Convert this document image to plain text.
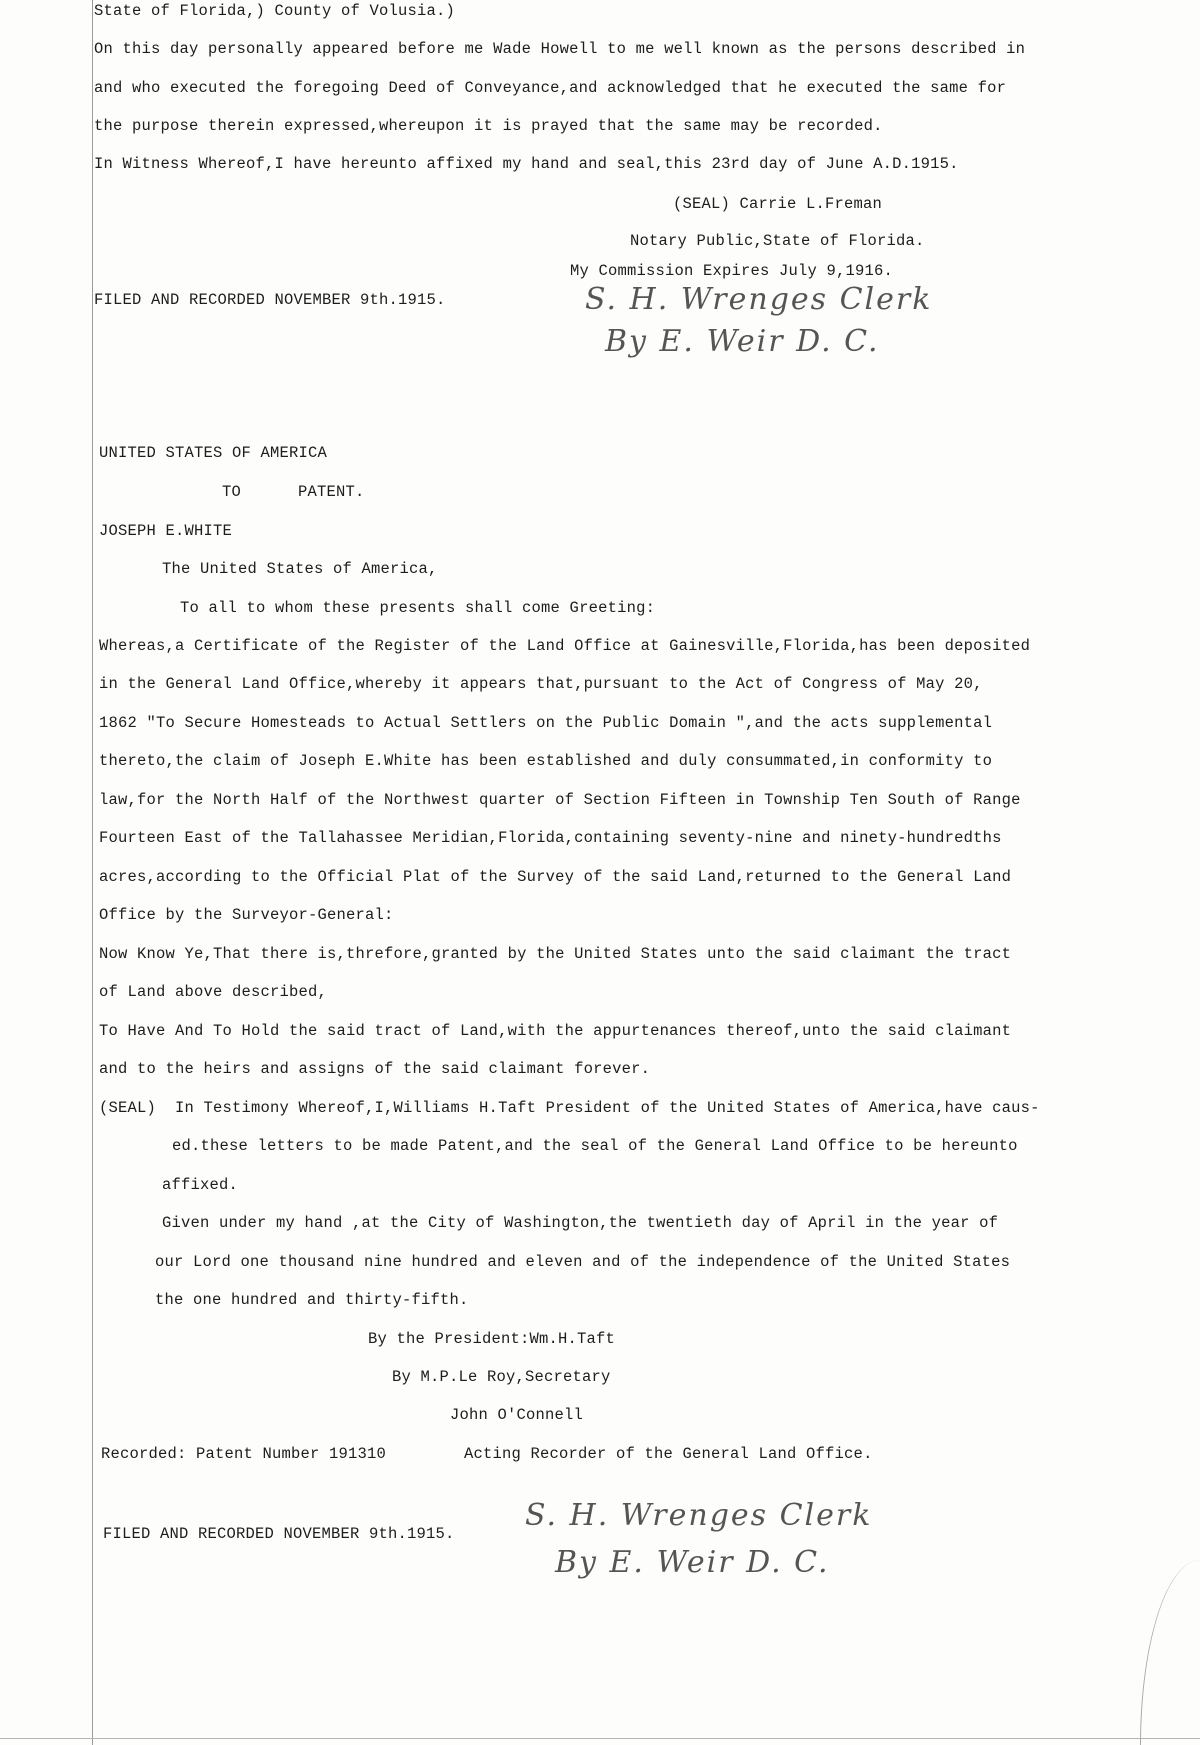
State of Florida,) County of Volusia.)
On this day personally appeared before me Wade Howell to me well known as the persons described in
and who executed the foregoing Deed of Conveyance,and acknowledged that he executed the same for
the purpose therein expressed,whereupon it is prayed that the same may be recorded.
In Witness Whereof,I have hereunto affixed my hand and seal,this 23rd day of June A.D.1915.
(SEAL) Carrie L.Freman
Notary Public,State of Florida.
My Commission Expires July 9,1916.
FILED AND RECORDED NOVEMBER 9th.1915.	S. H. Wrenges Clerk
By E. Weir D. C.
UNITED STATES OF AMERICA
TO      PATENT.
JOSEPH E.WHITE
The United States of America,
To all to whom these presents shall come Greeting:
Whereas,a Certificate of the Register of the Land Office at Gainesville,Florida,has been deposited
in the General Land Office,whereby it appears that,pursuant to the Act of Congress of May 20,
1862 "To Secure Homesteads to Actual Settlers on the Public Domain ",and the acts supplemental
thereto,the claim of Joseph E.White has been established and duly consummated,in conformity to
law,for the North Half of the Northwest quarter of Section Fifteen in Township Ten South of Range
Fourteen East of the Tallahassee Meridian,Florida,containing seventy-nine and ninety-hundredths
acres,according to the Official Plat of the Survey of the said Land,returned to the General Land
Office by the Surveyor-General:
Now Know Ye,That there is,threfore,granted by the United States unto the said claimant the tract
of Land above described,
To Have And To Hold the said tract of Land,with the appurtenances thereof,unto the said claimant
and to the heirs and assigns of the said claimant forever.
(SEAL)  In Testimony Whereof,I,Williams H.Taft President of the United States of America,have caus-
ed.these letters to be made Patent,and the seal of the General Land Office to be hereunto
affixed.
Given under my hand ,at the City of Washington,the twentieth day of April in the year of
our Lord one thousand nine hundred and eleven and of the independence of the United States
the one hundred and thirty-fifth.
By the President:Wm.H.Taft
By M.P.Le Roy,Secretary
John O'Connell
Recorded: Patent Number 191310	Acting Recorder of the General Land Office.
FILED AND RECORDED NOVEMBER 9th.1915.
S. H. Wrenges Clerk
By E. Weir D. C.
